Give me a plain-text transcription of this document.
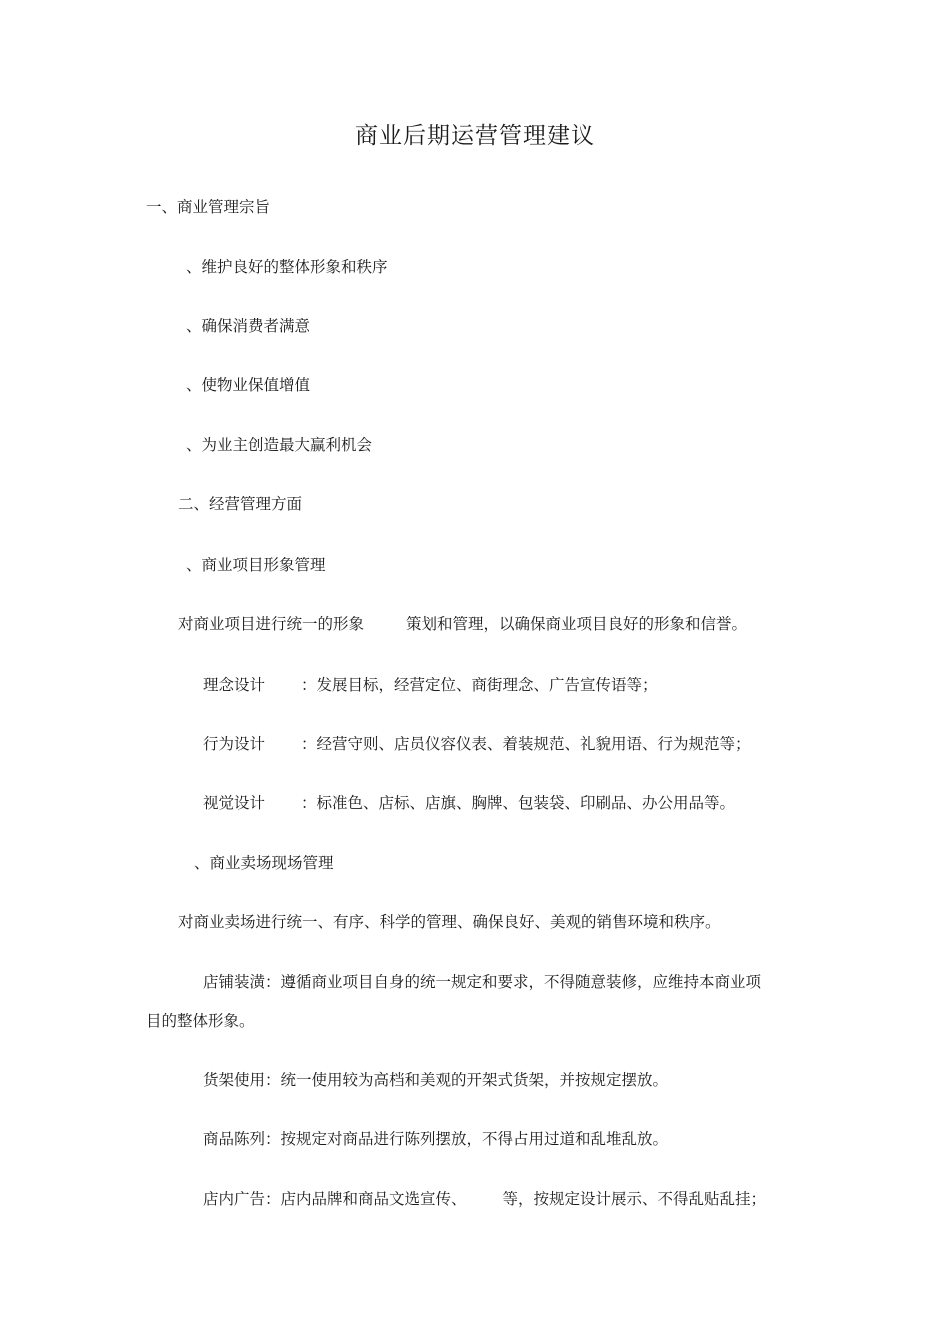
商业后期运营管理建议
一、商业管理宗旨
、维护良好的整体形象和秩序
、确保消费者满意
、使物业保值增值
、为业主创造最大赢利机会
二、经营管理方面
、商业项目形象管理
对商业项目进行统一的形象	策划和管理，以确保商业项目良好的形象和信誉。
理念设计 ：发展目标，经营定位、商街理念、广告宣传语等；
行为设计 ：经营守则、店员仪容仪表、着装规范、礼貌用语、行为规范等；
视觉设计 ：标准色、店标、店旗、胸牌、包装袋、印刷品、办公用品等。
、商业卖场现场管理
对商业卖场进行统一、有序、科学的管理、确保良好、美观的销售环境和秩序。
店铺装潢：遵循商业项目自身的统一规定和要求，不得随意装修，应维持本商业项
目的整体形象。
货架使用：统一使用较为高档和美观的开架式货架，并按规定摆放。
商品陈列：按规定对商品进行陈列摆放，不得占用过道和乱堆乱放。
店内广告：店内品牌和商品文选宣传、 等，按规定设计展示、不得乱贴乱挂；
